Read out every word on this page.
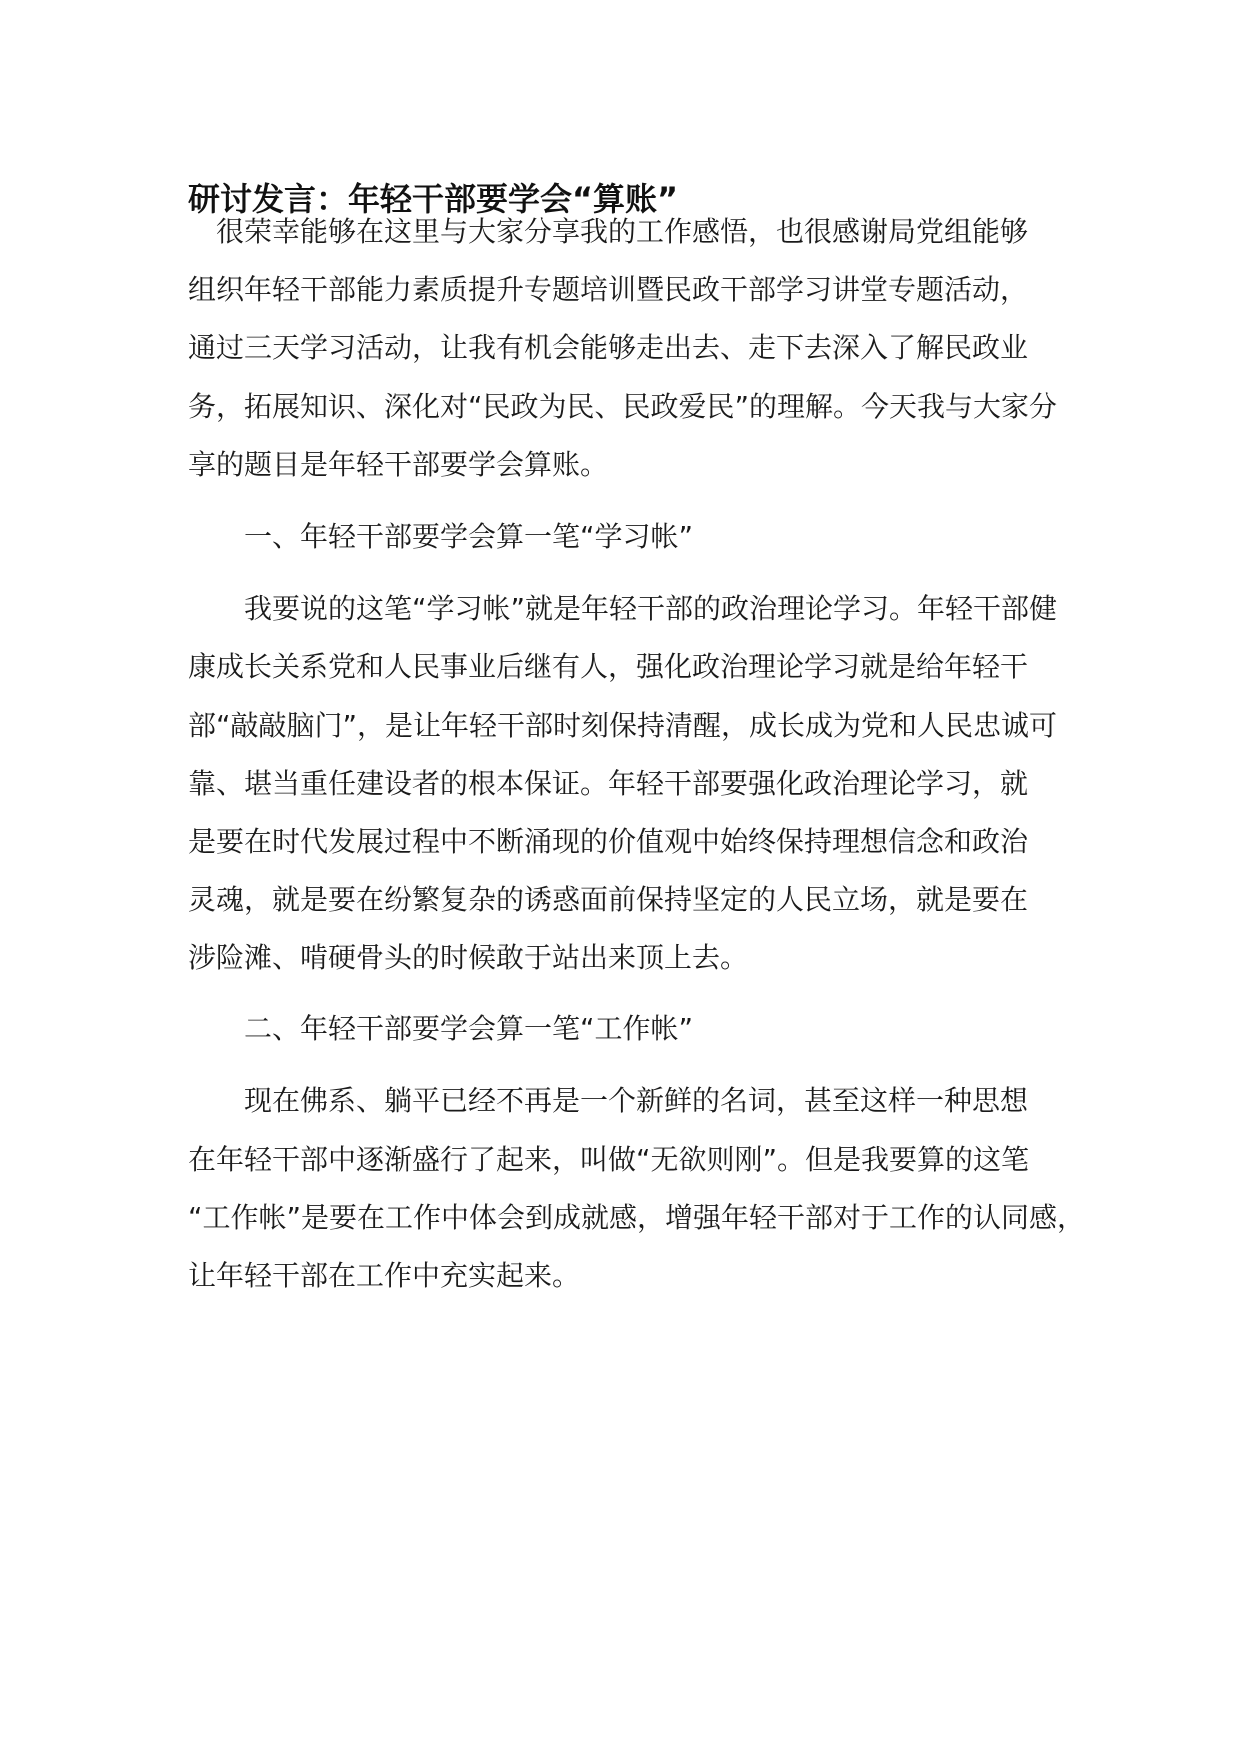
研讨发言：年轻干部要学会“算账”
很荣幸能够在这里与大家分享我的工作感悟，也很感谢局党组能够
组织年轻干部能力素质提升专题培训暨民政干部学习讲堂专题活动，
通过三天学习活动，让我有机会能够走出去、走下去深入了解民政业
务，拓展知识、深化对“民政为民、民政爱民”的理解。今天我与大家分
享的题目是年轻干部要学会算账。
一、年轻干部要学会算一笔“学习帐”
我要说的这笔“学习帐”就是年轻干部的政治理论学习。年轻干部健
康成长关系党和人民事业后继有人，强化政治理论学习就是给年轻干
部“敲敲脑门”，是让年轻干部时刻保持清醒，成长成为党和人民忠诚可
靠、堪当重任建设者的根本保证。年轻干部要强化政治理论学习，就
是要在时代发展过程中不断涌现的价值观中始终保持理想信念和政治
灵魂，就是要在纷繁复杂的诱惑面前保持坚定的人民立场，就是要在
涉险滩、啃硬骨头的时候敢于站出来顶上去。
二、年轻干部要学会算一笔“工作帐”
现在佛系、躺平已经不再是一个新鲜的名词，甚至这样一种思想
在年轻干部中逐渐盛行了起来，叫做“无欲则刚”。但是我要算的这笔
“工作帐”是要在工作中体会到成就感，增强年轻干部对于工作的认同感，
让年轻干部在工作中充实起来。
